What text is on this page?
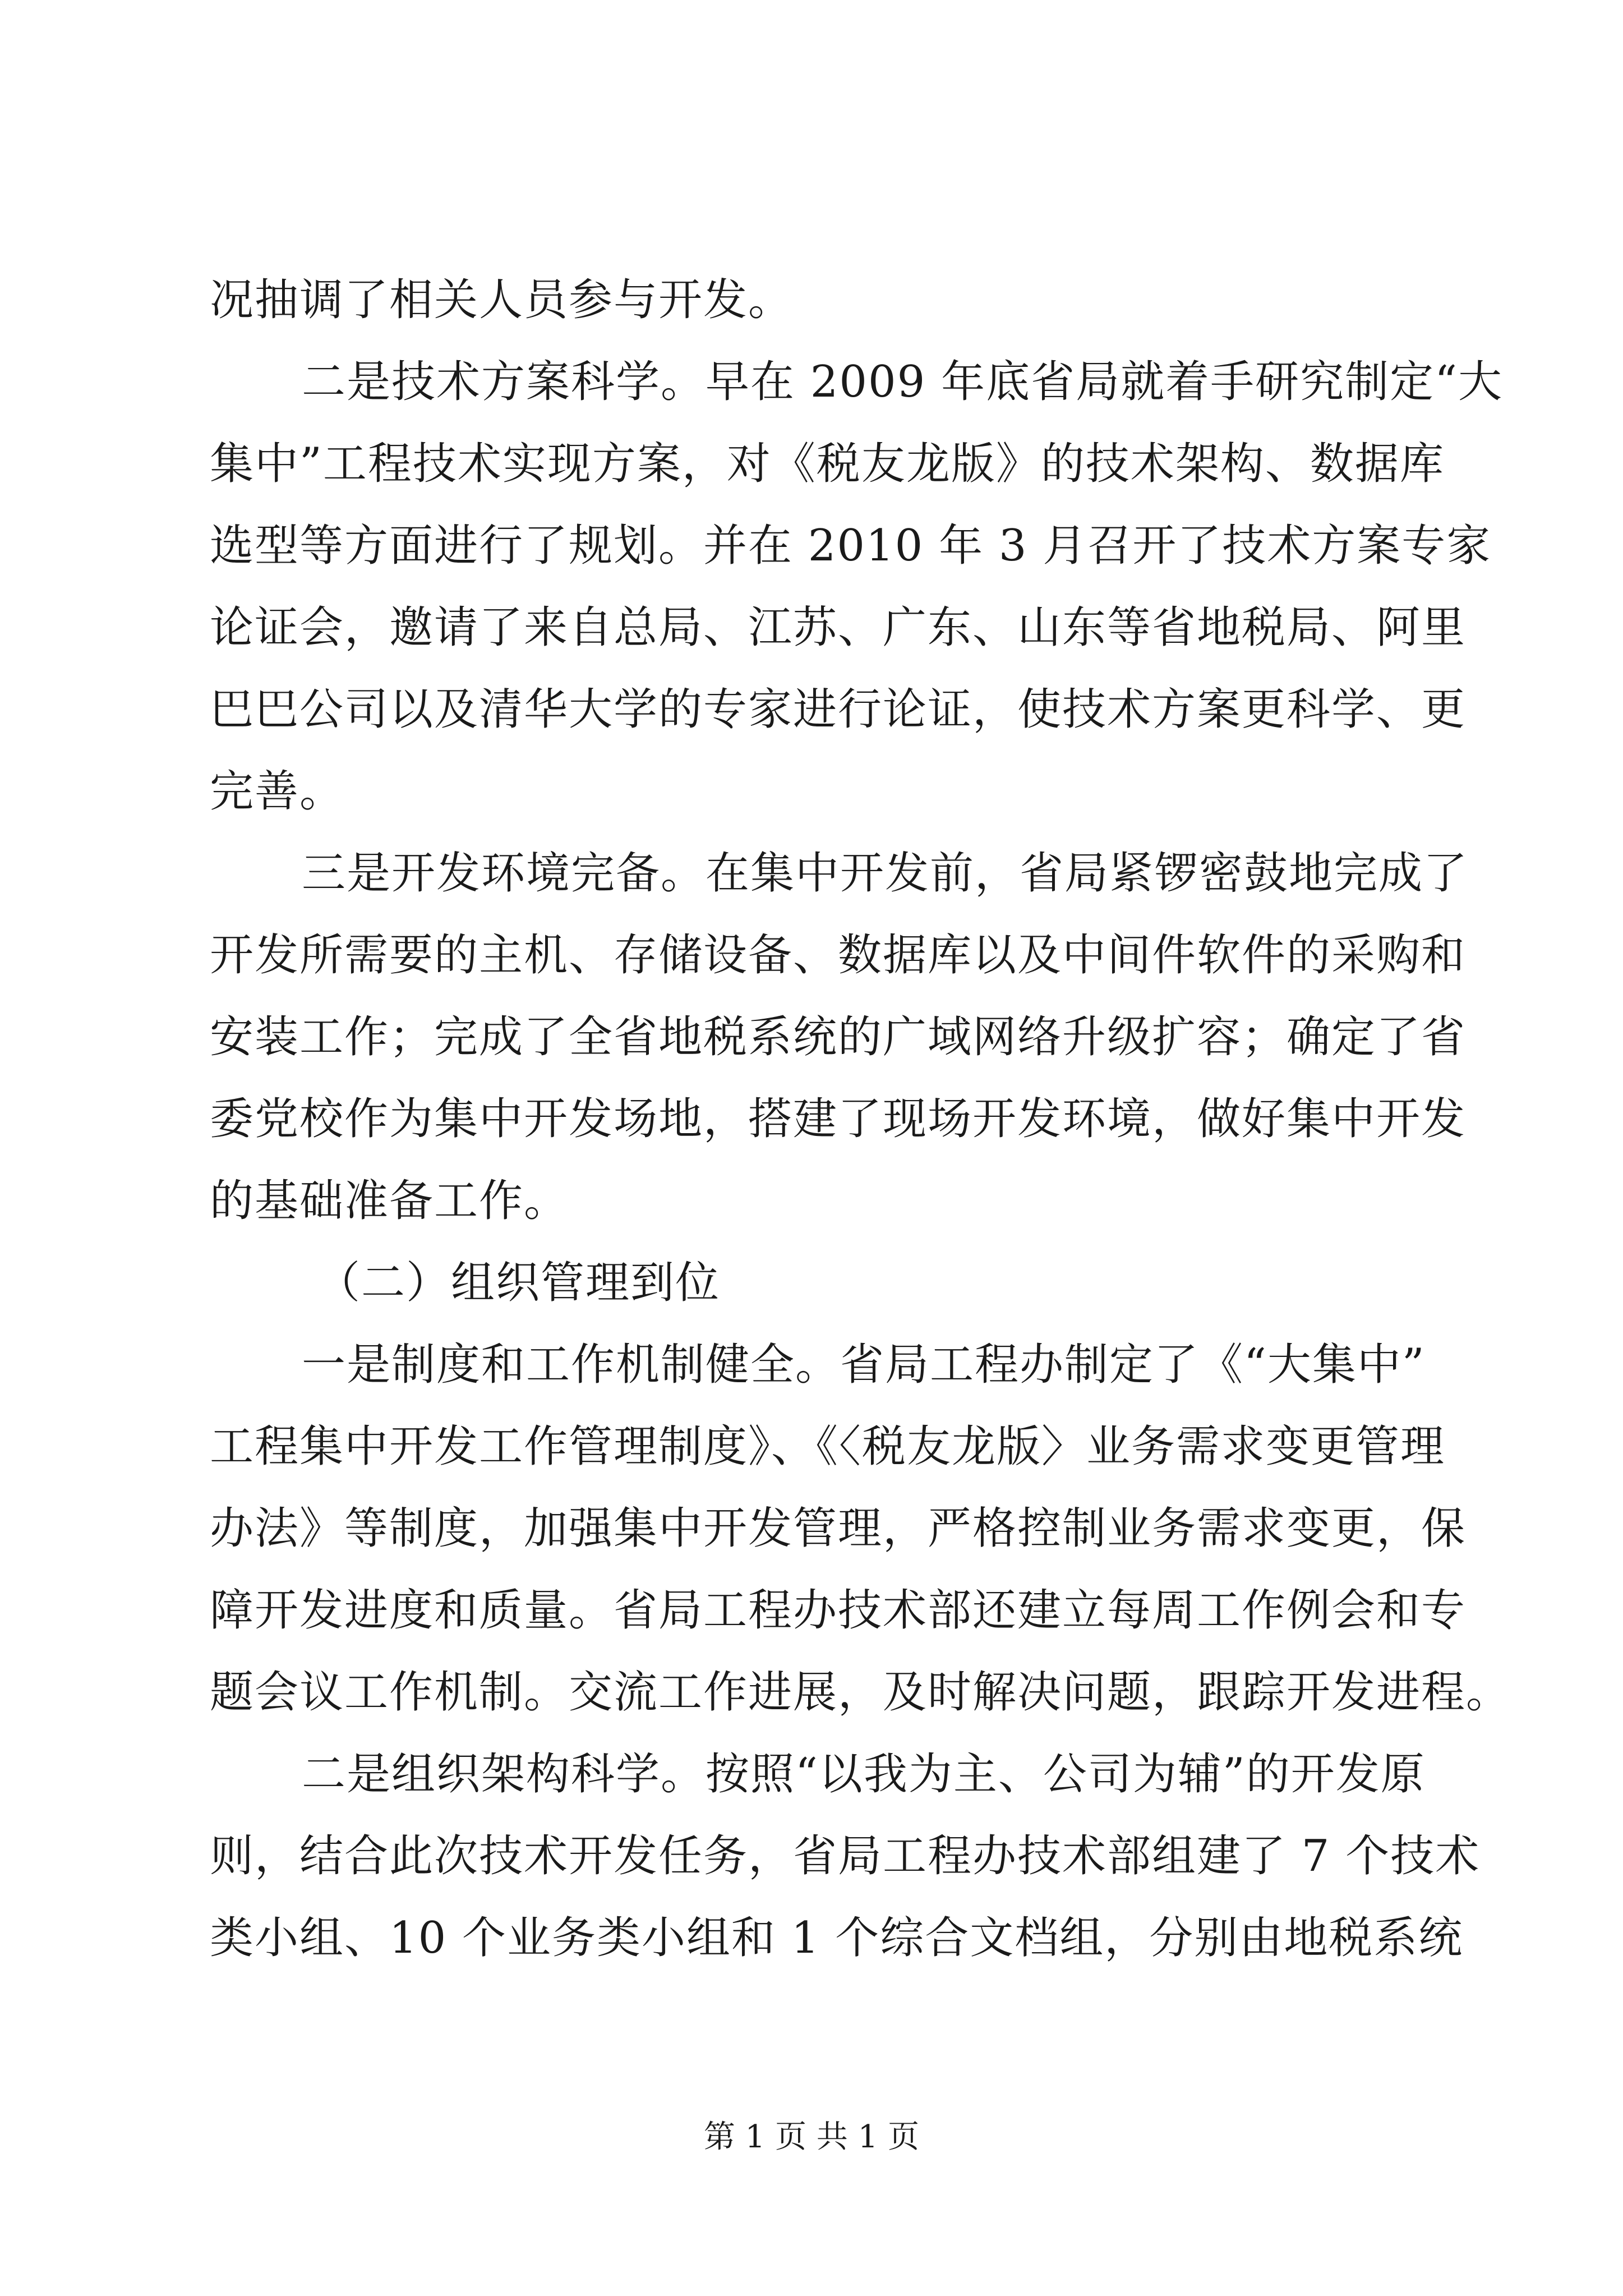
况抽调了相关人员参与开发。
二是技术方案科学。早在 2009 年底省局就着手研究制定“大
集中”工程技术实现方案，对《税友龙版》的技术架构、数据库
选型等方面进行了规划。并在 2010 年 3 月召开了技术方案专家
论证会，邀请了来自总局、江苏、广东、山东等省地税局、阿里
巴巴公司以及清华大学的专家进行论证，使技术方案更科学、更
完善。
三是开发环境完备。在集中开发前，省局紧锣密鼓地完成了
开发所需要的主机、存储设备、数据库以及中间件软件的采购和
安装工作；完成了全省地税系统的广域网络升级扩容；确定了省
委党校作为集中开发场地，搭建了现场开发环境，做好集中开发
的基础准备工作。
（二）组织管理到位
一是制度和工作机制健全。省局工程办制定了《“大集中”
工程集中开发工作管理制度》、《〈税友龙版〉业务需求变更管理
办法》等制度，加强集中开发管理，严格控制业务需求变更，保
障开发进度和质量。省局工程办技术部还建立每周工作例会和专
题会议工作机制。交流工作进展，及时解决问题，跟踪开发进程。
二是组织架构科学。按照“以我为主、公司为辅”的开发原
则，结合此次技术开发任务，省局工程办技术部组建了 7 个技术
类小组、10 个业务类小组和 1 个综合文档组，分别由地税系统
第 1 页 共 1 页
